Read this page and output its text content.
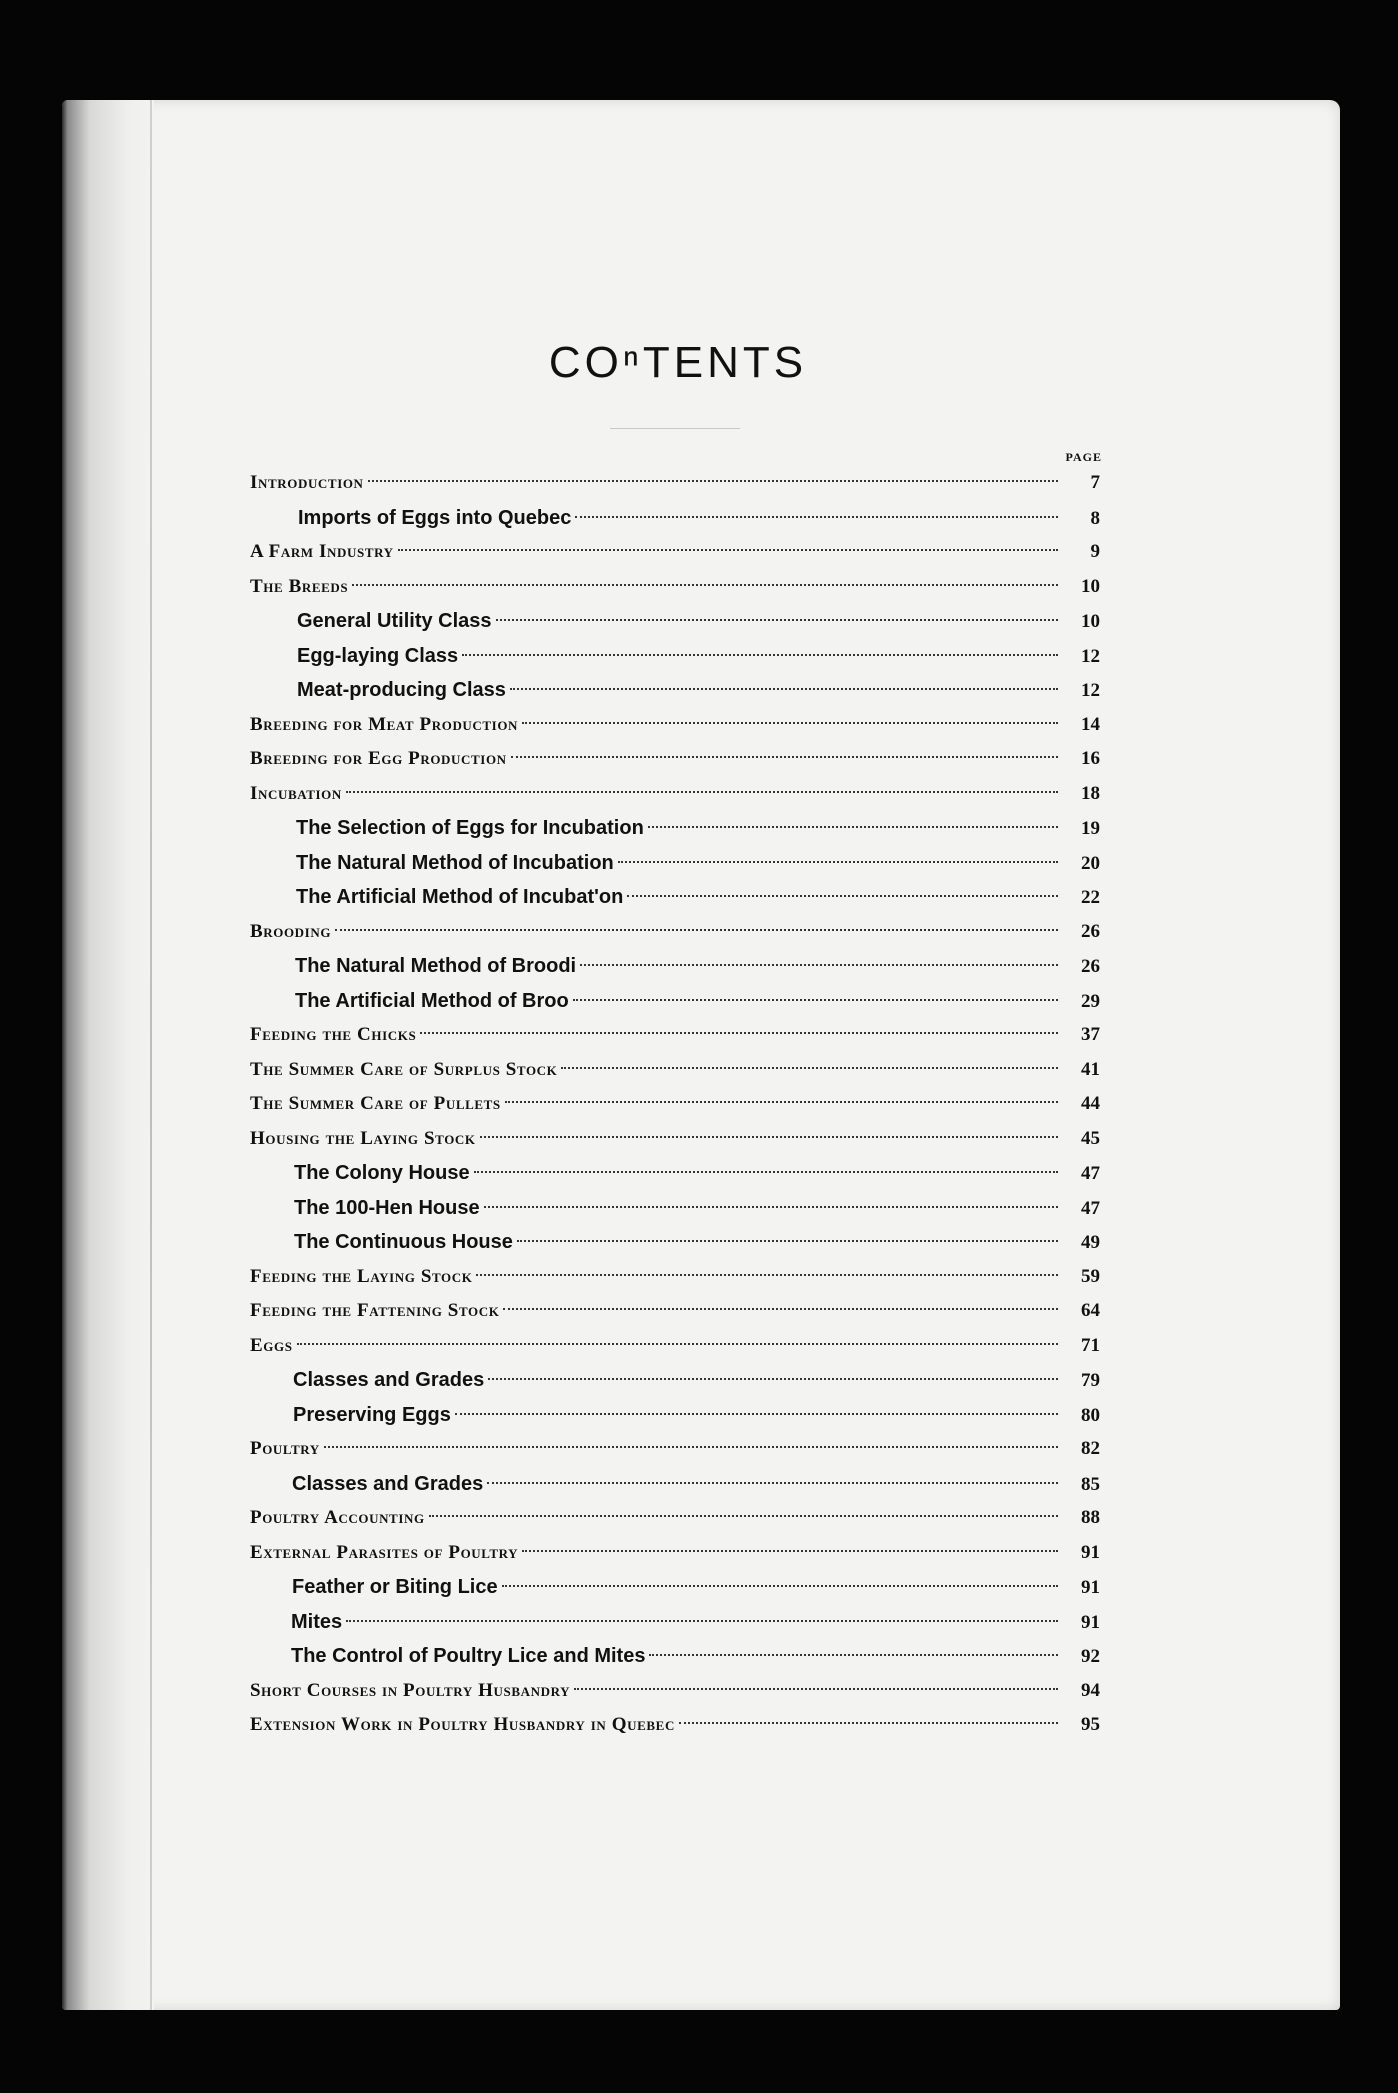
COⁿTENTS
PAGE
Introduction	7
Imports of Eggs into Quebec	8
A Farm Industry	9
The Breeds	10
General Utility Class	10
Egg-laying Class	12
Meat-producing Class	12
Breeding for Meat Production	14
Breeding for Egg Production	16
Incubation	18
The Selection of Eggs for Incubation	19
The Natural Method of Incubation	20
The Artificial Method of Incubat'on	22
Brooding	26
The Natural Method of Broodi	26
The Artificial Method of Broo	29
Feeding the Chicks	37
The Summer Care of Surplus Stock	41
The Summer Care of Pullets	44
Housing the Laying Stock	45
The Colony House	47
The 100-Hen House	47
The Continuous House	49
Feeding the Laying Stock	59
Feeding the Fattening Stock	64
Eggs	71
Classes and Grades	79
Preserving Eggs	80
Poultry	82
Classes and Grades	85
Poultry Accounting	88
External Parasites of Poultry	91
Feather or Biting Lice	91
Mites	91
The Control of Poultry Lice and Mites	92
Short Courses in Poultry Husbandry	94
Extension Work in Poultry Husbandry in Quebec	95
